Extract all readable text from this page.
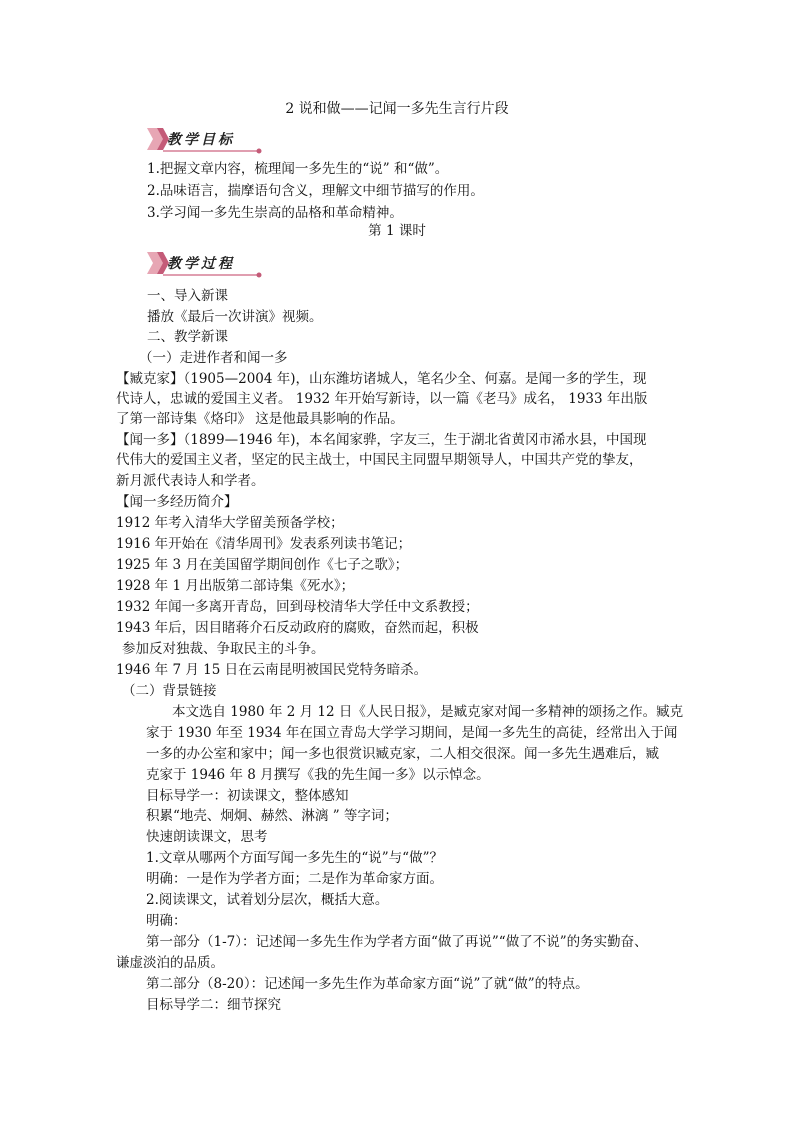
2 说和做——记闻一多先生言行片段
教学目标
1.把握文章内容，梳理闻一多先生的“说” 和“做”。
2.品味语言，揣摩语句含义，理解文中细节描写的作用。
3.学习闻一多先生崇高的品格和革命精神。
第 1 课时
教学过程
一、导入新课
播放《最后一次讲演》视频。
二、教学新课
（一）走进作者和闻一多
【臧克家】（1905—2004 年)，山东潍坊诸城人，笔名少全、何嘉。是闻一多的学生，现
代诗人，忠诚的爱国主义者。 1932 年开始写新诗，以一篇《老马》成名， 1933 年出版
了第一部诗集《烙印》 这是他最具影响的作品。
【闻一多】（1899—1946 年)，本名闻家骅，字友三，生于湖北省黄冈市浠水县，中国现
代伟大的爱国主义者，坚定的民主战士，中国民主同盟早期领导人，中国共产党的挚友，
新月派代表诗人和学者。
【闻一多经历简介】
1912 年考入清华大学留美预备学校；
1916 年开始在《清华周刊》发表系列读书笔记；
1925 年 3 月在美国留学期间创作《七子之歌》；
1928 年 1 月出版第二部诗集《死水》；
1932 年闻一多离开青岛，回到母校清华大学任中文系教授；
1943 年后，因目睹蒋介石反动政府的腐败，奋然而起，积极
参加反对独裁、争取民主的斗争。
1946 年 7 月 15 日在云南昆明被国民党特务暗杀。
（二）背景链接
本文选自 1980 年 2 月 12 日《人民日报》，是臧克家对闻一多精神的颂扬之作。臧克
家于 1930 年至 1934 年在国立青岛大学学习期间，是闻一多先生的高徒，经常出入于闻
一多的办公室和家中；闻一多也很赏识臧克家，二人相交很深。闻一多先生遇难后，臧
克家于 1946 年 8 月撰写《我的先生闻一多》以示悼念。
目标导学一：初读课文，整体感知
积累“地壳、炯炯、赫然、淋漓 ” 等字词；
快速朗读课文，思考
1.文章从哪两个方面写闻一多先生的“说”与“做”？
明确：一是作为学者方面；二是作为革命家方面。
2.阅读课文，试着划分层次，概括大意。
明确：
第一部分（1-7）：记述闻一多先生作为学者方面“做了再说”“做了不说”的务实勤奋、
谦虚淡泊的品质。
第二部分（8-20）：记述闻一多先生作为革命家方面“说”了就“做”的特点。
目标导学二：细节探究
